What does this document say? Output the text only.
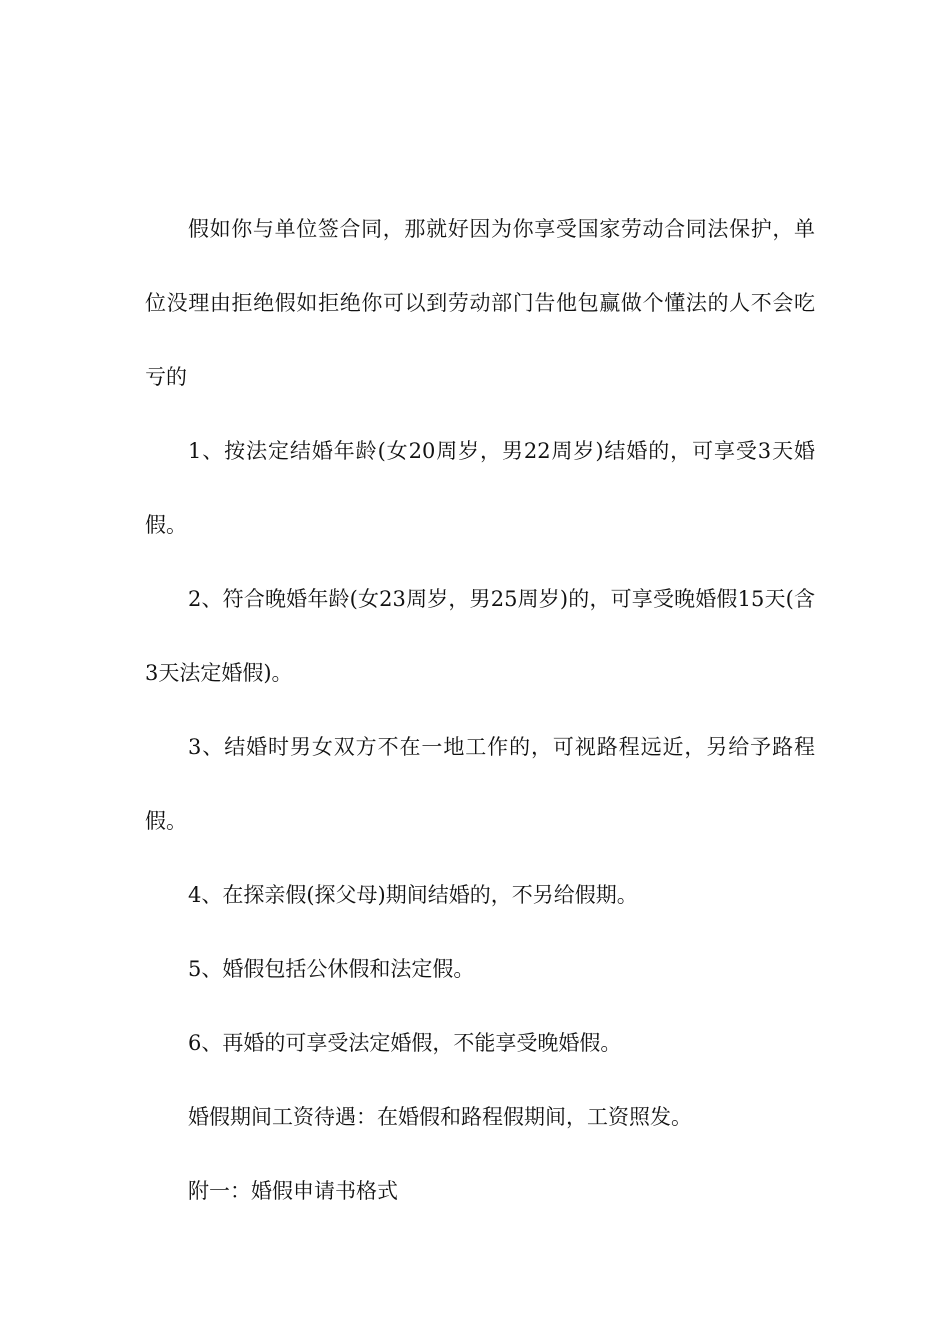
假如你与单位签合同，那就好因为你享受国家劳动合同法保护，单位没理由拒绝假如拒绝你可以到劳动部门告他包赢做个懂法的人不会吃亏的

1、按法定结婚年龄(女20周岁，男22周岁)结婚的，可享受3天婚假。

2、符合晚婚年龄(女23周岁，男25周岁)的，可享受晚婚假15天(含3天法定婚假)。

3、结婚时男女双方不在一地工作的，可视路程远近，另给予路程假。

4、在探亲假(探父母)期间结婚的，不另给假期。

5、婚假包括公休假和法定假。

6、再婚的可享受法定婚假，不能享受晚婚假。

婚假期间工资待遇：在婚假和路程假期间，工资照发。

附一：婚假申请书格式
